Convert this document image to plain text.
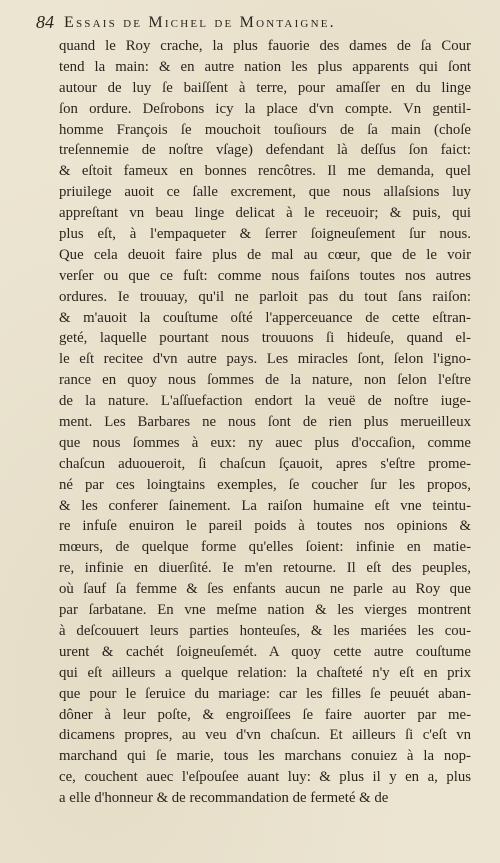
84 Essais de Michel de Montaigne.
quand le Roy crache, la plus fauorie des dames de ſa Cour
tend la main: & en autre nation les plus apparents qui ſont
autour de luy ſe baiſſent à terre, pour amaſſer en du linge
ſon ordure. Deſrobons icy la place d'vn compte. Vn gentil-
homme François ſe mouchoit touſiours de ſa main (choſe
treſennemie de noſtre vſage) defendant là deſſus ſon faict:
& eſtoit fameux en bonnes rencôtres. Il me demanda, quel
priuilege auoit ce ſalle excrement, que nous allaſsions luy
appreſtant vn beau linge delicat à le receuoir; & puis, qui
plus eſt, à l'empaqueter & ſerrer ſoigneuſement ſur nous.
Que cela deuoit faire plus de mal au cœur, que de le voir
verſer ou que ce fuſt: comme nous faiſons toutes nos autres
ordures. Ie trouuay, qu'il ne parloit pas du tout ſans raiſon:
& m'auoit la couſtume oſté l'apperceuance de cette eſtran-
geté, laquelle pourtant nous trouuons ſi hideuſe, quand el-
le eſt recitee d'vn autre pays. Les miracles ſont, ſelon l'igno-
rance en quoy nous ſommes de la nature, non ſelon l'eſtre
de la nature. L'aſſuefaction endort la veuë de noſtre iuge-
ment. Les Barbares ne nous ſont de rien plus merueilleux
que nous ſommes à eux: ny auec plus d'occaſion, comme
chaſcun aduoueroit, ſi chaſcun ſçauoit, apres s'eſtre prome-
né par ces loingtains exemples, ſe coucher ſur les propos,
& les conferer ſainement. La raiſon humaine eſt vne teintu-
re infuſe enuiron le pareil poids à toutes nos opinions &
mœurs, de quelque forme qu'elles ſoient: infinie en matie-
re, infinie en diuerſité. Ie m'en retourne. Il eſt des peuples,
où ſauf ſa femme & ſes enfants aucun ne parle au Roy que
par ſarbatane. En vne meſme nation & les vierges montrent
à deſcouuert leurs parties honteuſes, & les mariées les cou-
urent & cachét ſoigneuſemét. A quoy cette autre couſtume
qui eſt ailleurs a quelque relation: la chaſteté n'y eſt en prix
que pour le ſeruice du mariage: car les filles ſe peuuét aban-
dôner à leur poſte, & engroiſſees ſe faire auorter par me-
dicamens propres, au veu d'vn chaſcun. Et ailleurs ſi c'eſt vn
marchand qui ſe marie, tous les marchans conuiez à la nop-
ce, couchent auec l'eſpouſee auant luy: & plus il y en a, plus
a elle d'honneur & de recommandation de fermeté & de
